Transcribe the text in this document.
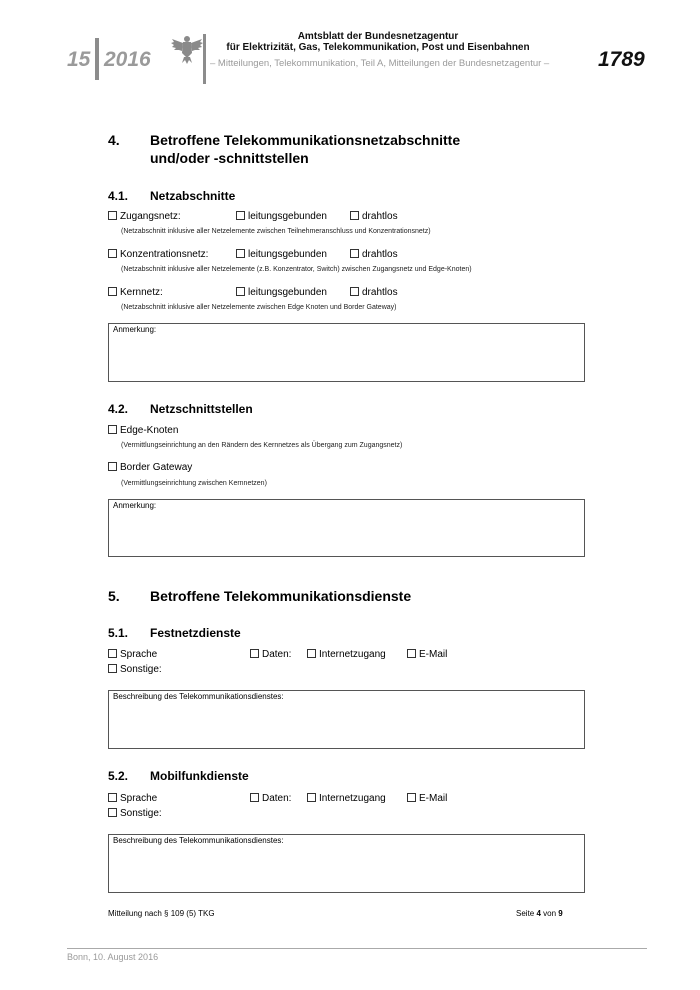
15 2016
Amtsblatt der Bundesnetzagentur
für Elektrizität, Gas, Telekommunikation, Post und Eisenbahnen
– Mitteilungen, Telekommunikation, Teil A, Mitteilungen der Bundesnetzagentur – 1789
4. Betroffene Telekommunikationsnetzabschnitte
und/oder -schnittstellen
4.1. Netzabschnitte
Zugangsnetz:	leitungsgebunden	drahtlos
(Netzabschnitt inklusive aller Netzelemente zwischen Teilnehmeranschluss und Konzentrationsnetz)
Konzentrationsnetz:	leitungsgebunden	drahtlos
(Netzabschnitt inklusive aller Netzelemente (z.B. Konzentrator, Switch) zwischen Zugangsnetz und Edge-Knoten)
Kernnetz:	leitungsgebunden	drahtlos
(Netzabschnitt inklusive aller Netzelemente zwischen Edge Knoten und Border Gateway)
Anmerkung:
4.2. Netzschnittstellen
Edge-Knoten
(Vermittlungseinrichtung an den Rändern des Kernnetzes als Übergang zum Zugangsnetz)
Border Gateway
(Vermittlungseinrichtung zwischen Kernnetzen)
Anmerkung:
5. Betroffene Telekommunikationsdienste
5.1. Festnetzdienste
Sprache	Daten:	Internetzugang	E-Mail
Sonstige:
Beschreibung des Telekommunikationsdienstes:
5.2. Mobilfunkdienste
Sprache	Daten:	Internetzugang	E-Mail
Sonstige:
Beschreibung des Telekommunikationsdienstes:
Mitteilung nach § 109 (5) TKG	Seite 4 von 9
Bonn, 10. August 2016
